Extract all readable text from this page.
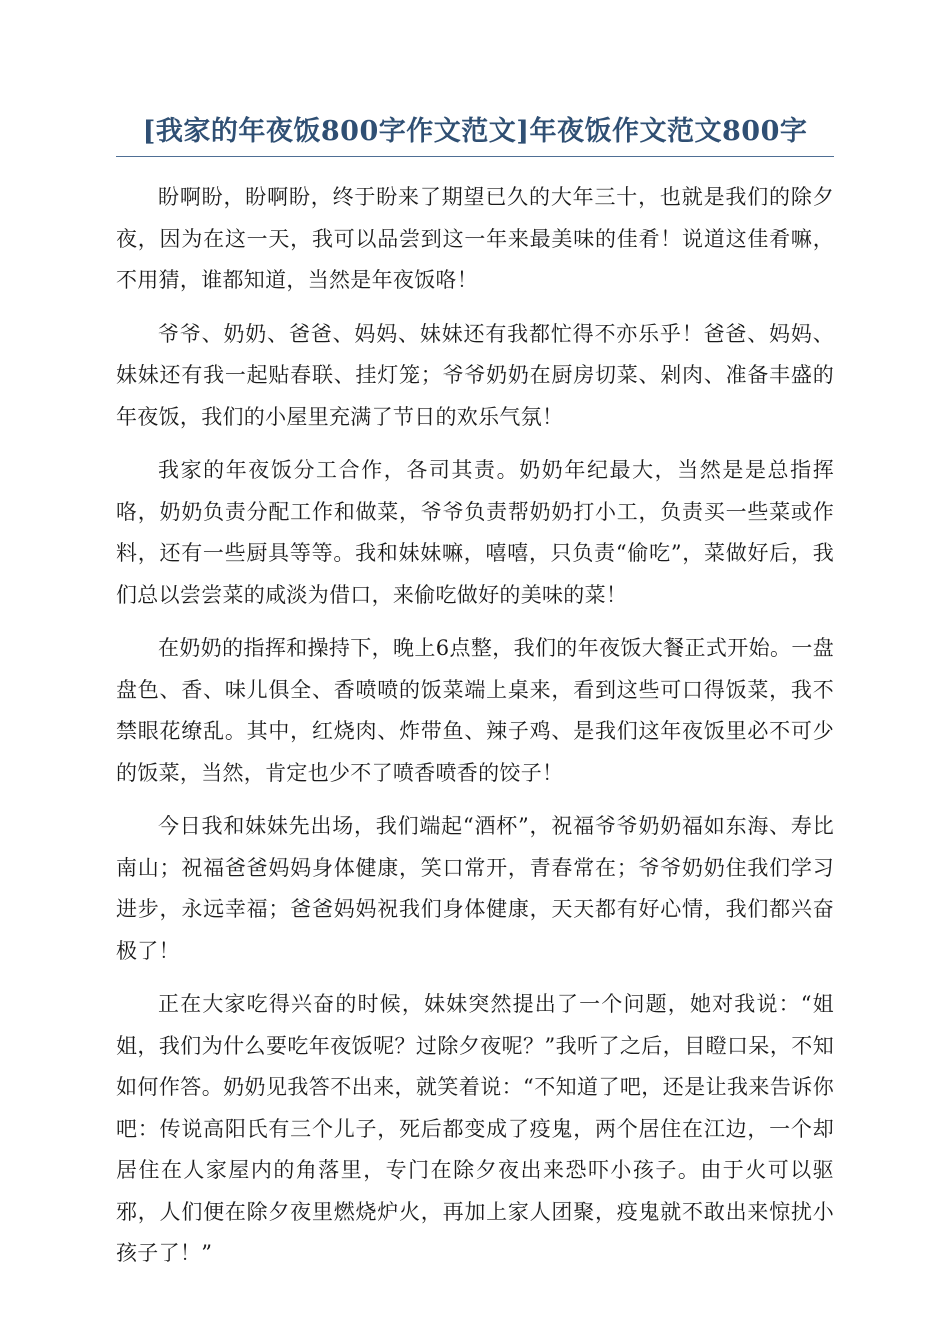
[我家的年夜饭800字作文范文]年夜饭作文范文800字

盼啊盼，盼啊盼，终于盼来了期望已久的大年三十，也就是我们的除夕夜，因为在这一天，我可以品尝到这一年来最美味的佳肴！说道这佳肴嘛，不用猜，谁都知道，当然是年夜饭咯！

爷爷、奶奶、爸爸、妈妈、妹妹还有我都忙得不亦乐乎！爸爸、妈妈、妹妹还有我一起贴春联、挂灯笼；爷爷奶奶在厨房切菜、剁肉、准备丰盛的年夜饭，我们的小屋里充满了节日的欢乐气氛！

我家的年夜饭分工合作，各司其责。奶奶年纪最大，当然是是总指挥咯，奶奶负责分配工作和做菜，爷爷负责帮奶奶打小工，负责买一些菜或作料，还有一些厨具等等。我和妹妹嘛，嘻嘻，只负责“偷吃”，菜做好后，我们总以尝尝菜的咸淡为借口，来偷吃做好的美味的菜！

在奶奶的指挥和操持下，晚上6点整，我们的年夜饭大餐正式开始。一盘盘色、香、味儿俱全、香喷喷的饭菜端上桌来，看到这些可口得饭菜，我不禁眼花缭乱。其中，红烧肉、炸带鱼、辣子鸡、是我们这年夜饭里必不可少的饭菜，当然，肯定也少不了喷香喷香的饺子！

今日我和妹妹先出场，我们端起“酒杯”，祝福爷爷奶奶福如东海、寿比南山；祝福爸爸妈妈身体健康，笑口常开，青春常在；爷爷奶奶住我们学习进步，永远幸福；爸爸妈妈祝我们身体健康，天天都有好心情，我们都兴奋极了！

正在大家吃得兴奋的时候，妹妹突然提出了一个问题，她对我说：“姐姐，我们为什么要吃年夜饭呢？过除夕夜呢？”我听了之后，目瞪口呆，不知如何作答。奶奶见我答不出来，就笑着说：“不知道了吧，还是让我来告诉你吧：传说高阳氏有三个儿子，死后都变成了疫鬼，两个居住在江边，一个却居住在人家屋内的角落里，专门在除夕夜出来恐吓小孩子。由于火可以驱邪，人们便在除夕夜里燃烧炉火，再加上家人团聚，疫鬼就不敢出来惊扰小孩子了！”
